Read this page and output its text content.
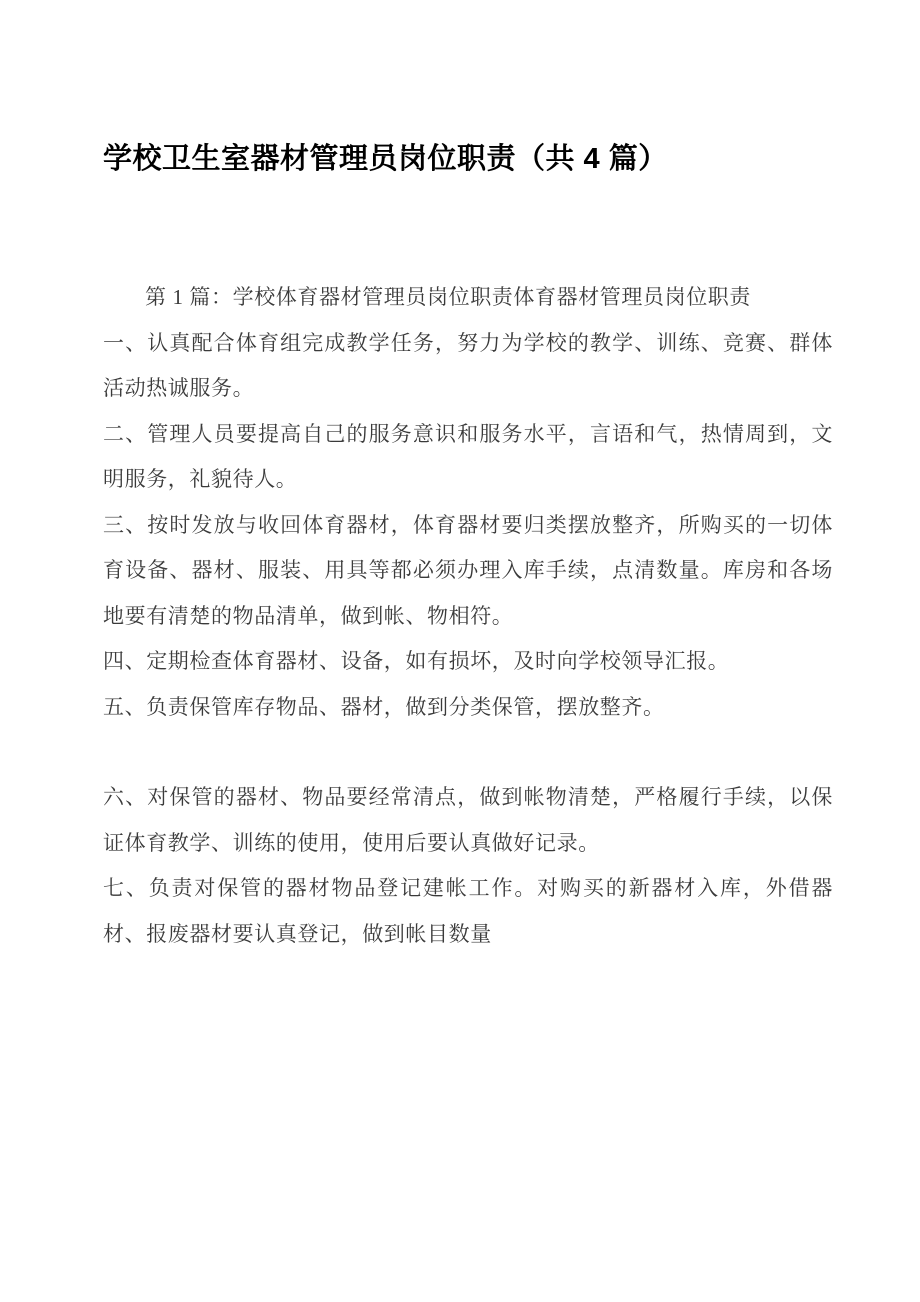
学校卫生室器材管理员岗位职责（共 4 篇）

第 1 篇：学校体育器材管理员岗位职责体育器材管理员岗位职责

一、认真配合体育组完成教学任务，努力为学校的教学、训练、竞赛、群体活动热诚服务。

二、管理人员要提高自己的服务意识和服务水平，言语和气，热情周到，文明服务，礼貌待人。

三、按时发放与收回体育器材，体育器材要归类摆放整齐，所购买的一切体育设备、器材、服装、用具等都必须办理入库手续，点清数量。库房和各场地要有清楚的物品清单，做到帐、物相符。

四、定期检查体育器材、设备，如有损坏，及时向学校领导汇报。

五、负责保管库存物品、器材，做到分类保管，摆放整齐。

六、对保管的器材、物品要经常清点，做到帐物清楚，严格履行手续，以保证体育教学、训练的使用，使用后要认真做好记录。

七、负责对保管的器材物品登记建帐工作。对购买的新器材入库，外借器材、报废器材要认真登记，做到帐目数量
